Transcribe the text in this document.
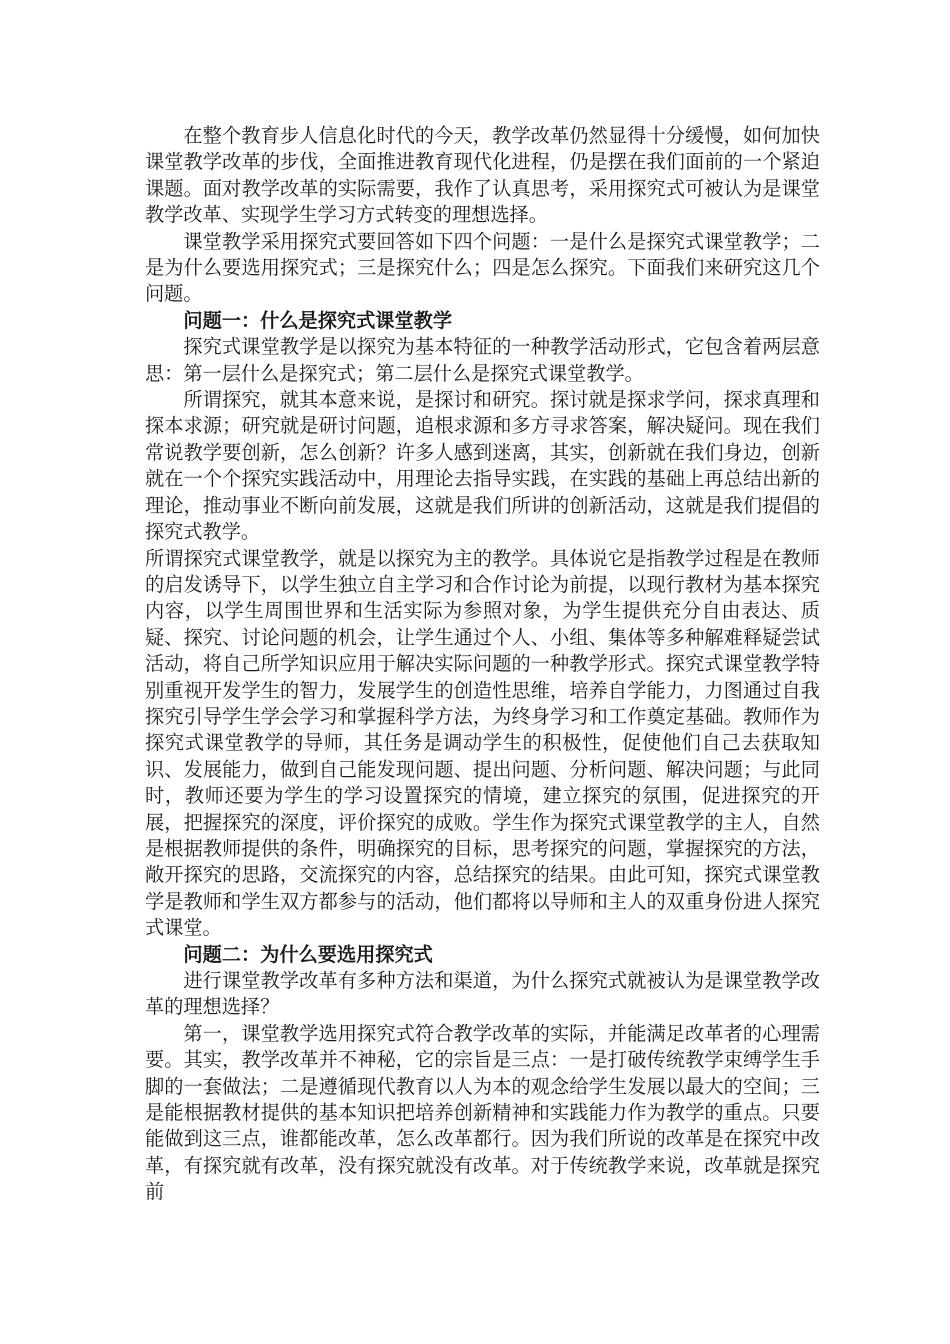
在整个教育步人信息化时代的今天，教学改革仍然显得十分缓慢，如何加快课堂教学改革的步伐，全面推进教育现代化进程，仍是摆在我们面前的一个紧迫课题。面对教学改革的实际需要，我作了认真思考，采用探究式可被认为是课堂教学改革、实现学生学习方式转变的理想选择。

课堂教学采用探究式要回答如下四个问题：一是什么是探究式课堂教学；二是为什么要选用探究式；三是探究什么；四是怎么探究。下面我们来研究这几个问题。

问题一：什么是探究式课堂教学

探究式课堂教学是以探究为基本特征的一种教学活动形式，它包含着两层意思：第一层什么是探究式；第二层什么是探究式课堂教学。

所谓探究，就其本意来说，是探讨和研究。探讨就是探求学问，探求真理和探本求源；研究就是研讨问题，追根求源和多方寻求答案，解决疑问。现在我们常说教学要创新，怎么创新？许多人感到迷离，其实，创新就在我们身边，创新就在一个个探究实践活动中，用理论去指导实践，在实践的基础上再总结出新的理论，推动事业不断向前发展，这就是我们所讲的创新活动，这就是我们提倡的探究式教学。

所谓探究式课堂教学，就是以探究为主的教学。具体说它是指教学过程是在教师的启发诱导下，以学生独立自主学习和合作讨论为前提，以现行教材为基本探究内容，以学生周围世界和生活实际为参照对象，为学生提供充分自由表达、质疑、探究、讨论问题的机会，让学生通过个人、小组、集体等多种解难释疑尝试活动，将自己所学知识应用于解决实际问题的一种教学形式。探究式课堂教学特别重视开发学生的智力，发展学生的创造性思维，培养自学能力，力图通过自我探究引导学生学会学习和掌握科学方法，为终身学习和工作奠定基础。教师作为探究式课堂教学的导师，其任务是调动学生的积极性，促使他们自己去获取知识、发展能力，做到自己能发现问题、提出问题、分析问题、解决问题；与此同时，教师还要为学生的学习设置探究的情境，建立探究的氛围，促进探究的开展，把握探究的深度，评价探究的成败。学生作为探究式课堂教学的主人，自然是根据教师提供的条件，明确探究的目标，思考探究的问题，掌握探究的方法，敞开探究的思路，交流探究的内容，总结探究的结果。由此可知，探究式课堂教学是教师和学生双方都参与的活动，他们都将以导师和主人的双重身份进人探究式课堂。

问题二：为什么要选用探究式

进行课堂教学改革有多种方法和渠道，为什么探究式就被认为是课堂教学改革的理想选择？

第一，课堂教学选用探究式符合教学改革的实际，并能满足改革者的心理需要。其实，教学改革并不神秘，它的宗旨是三点：一是打破传统教学束缚学生手脚的一套做法；二是遵循现代教育以人为本的观念给学生发展以最大的空间；三是能根据教材提供的基本知识把培养创新精神和实践能力作为教学的重点。只要能做到这三点，谁都能改革，怎么改革都行。因为我们所说的改革是在探究中改革，有探究就有改革，没有探究就没有改革。对于传统教学来说，改革就是探究前
